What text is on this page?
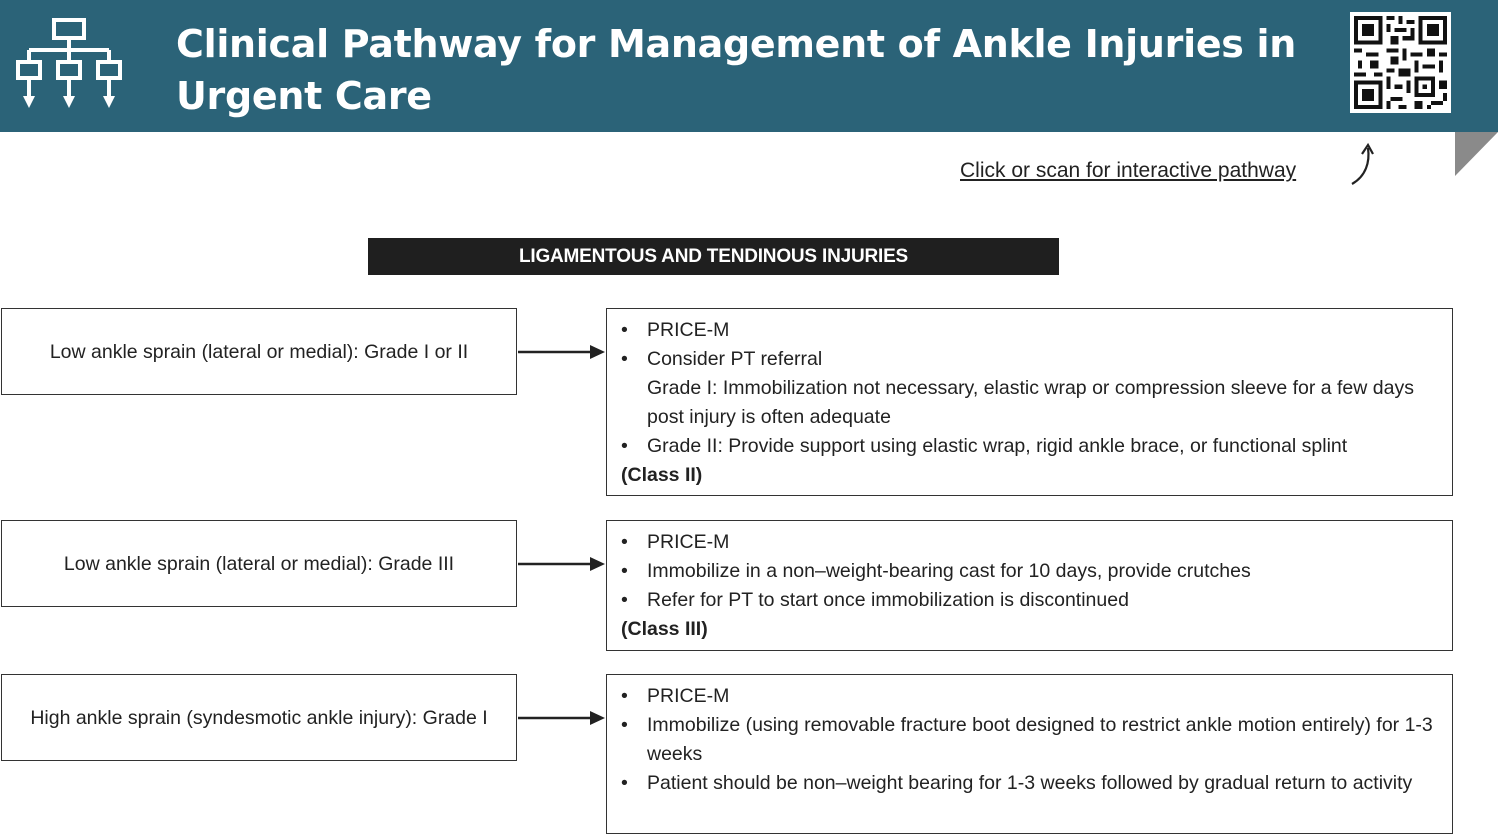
Clinical Pathway for Management of Ankle Injuries in Urgent Care
Click or scan for interactive pathway
LIGAMENTOUS AND TENDINOUS INJURIES
Low ankle sprain (lateral or medial): Grade I or II
• PRICE-M
• Consider PT referral
Grade I: Immobilization not necessary, elastic wrap or compression sleeve for a few days post injury is often adequate
• Grade II: Provide support using elastic wrap, rigid ankle brace, or functional splint
(Class II)
Low ankle sprain (lateral or medial): Grade III
• PRICE-M
• Immobilize in a non–weight-bearing cast for 10 days, provide crutches
• Refer for PT to start once immobilization is discontinued
(Class III)
High ankle sprain (syndesmotic ankle injury): Grade I
• PRICE-M
• Immobilize (using removable fracture boot designed to restrict ankle motion entirely) for 1-3 weeks
• Patient should be non–weight bearing for 1-3 weeks followed by gradual return to activity
